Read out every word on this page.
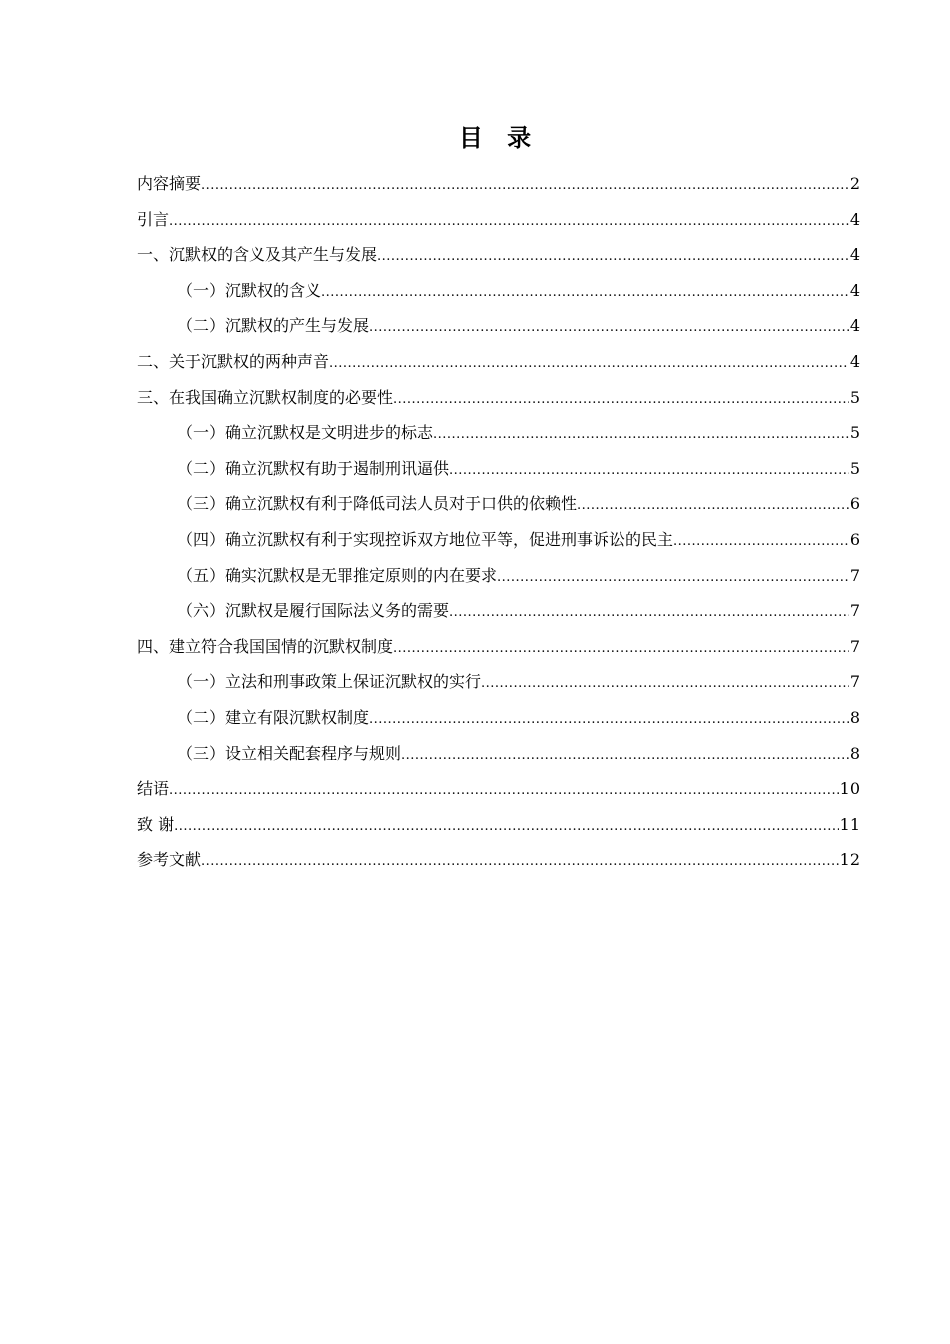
目 录
内容摘要 .....	2
引言 .....	4
一、沉默权的含义及其产生与发展 .....	4
（一）沉默权的含义 .....	4
（二）沉默权的产生与发展 .....	4
二、关于沉默权的两种声音 .....	4
三、在我国确立沉默权制度的必要性 .....	5
（一）确立沉默权是文明进步的标志 .....	5
（二）确立沉默权有助于遏制刑讯逼供 .....	5
（三）确立沉默权有利于降低司法人员对于口供的依赖性 .....	6
（四）确立沉默权有利于实现控诉双方地位平等，促进刑事诉讼的民主 .....	6
（五）确实沉默权是无罪推定原则的内在要求 .....	7
（六）沉默权是履行国际法义务的需要 .....	7
四、建立符合我国国情的沉默权制度 .....	7
（一）立法和刑事政策上保证沉默权的实行 .....	7
（二）建立有限沉默权制度 .....	8
（三）设立相关配套程序与规则 .....	8
结语 .....	10
致 谢 .....	11
参考文献 .....	12
